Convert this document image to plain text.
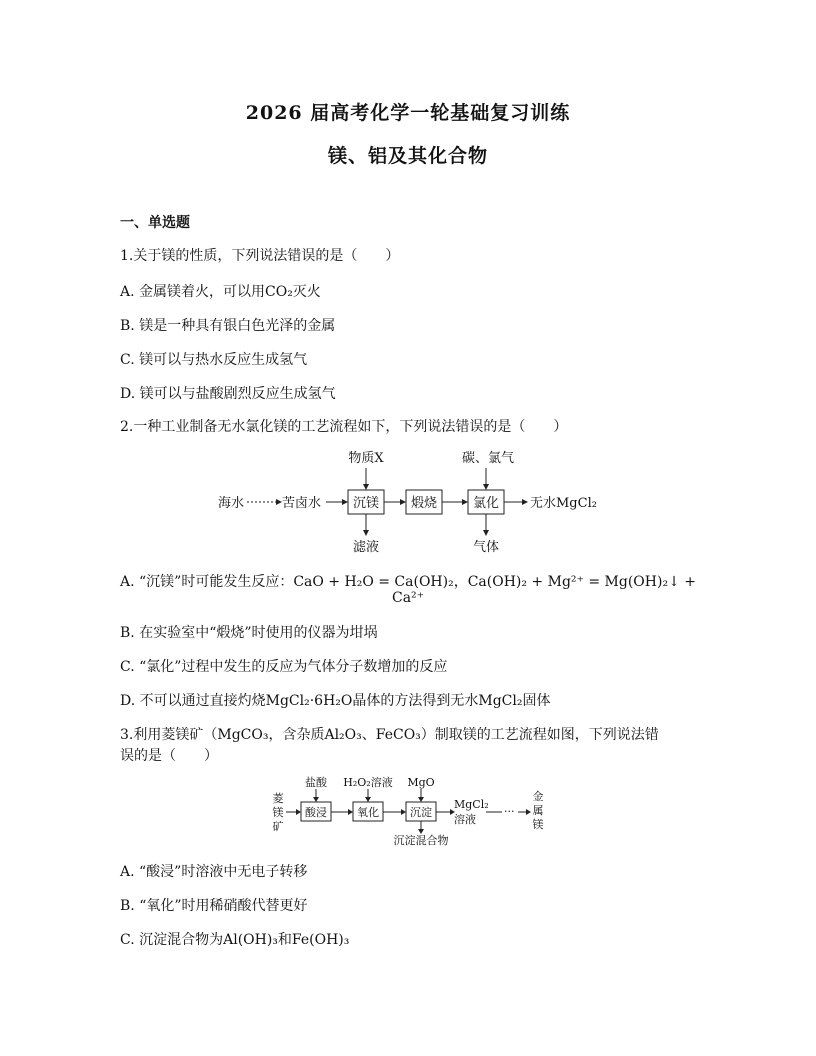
2026 届高考化学一轮基础复习训练
镁、铝及其化合物
一、单选题
1.关于镁的性质，下列说法错误的是（　　）
A. 金属镁着火，可以用CO₂灭火
B. 镁是一种具有银白色光泽的金属
C. 镁可以与热水反应生成氢气
D. 镁可以与盐酸剧烈反应生成氢气
2.一种工业制备无水氯化镁的工艺流程如下，下列说法错误的是（　　）
海水	苦卤水 沉镁 煅烧	氯化 无水MgCl₂
物质X	碳、氯气
滤液	气体
A. “沉镁”时可能发生反应：CaO + H₂O = Ca(OH)₂，Ca(OH)₂ + Mg²⁺ = Mg(OH)₂↓ +
Ca²⁺
B. 在实验室中“煅烧”时使用的仪器为坩埚
C. “氯化”过程中发生的反应为气体分子数增加的反应
D. 不可以通过直接灼烧MgCl₂·6H₂O晶体的方法得到无水MgCl₂固体
3.利用菱镁矿（MgCO₃，含杂质Al₂O₃、FeCO₃）制取镁的工艺流程如图，下列说法错
误的是（　　）
菱
镁
矿
酸浸	氧化	沉淀
MgCl₂
溶液
···
金
属
镁
盐酸 H₂O₂溶液 MgO
沉淀混合物
A. “酸浸”时溶液中无电子转移
B. “氧化”时用稀硝酸代替更好
C. 沉淀混合物为Al(OH)₃和Fe(OH)₃
